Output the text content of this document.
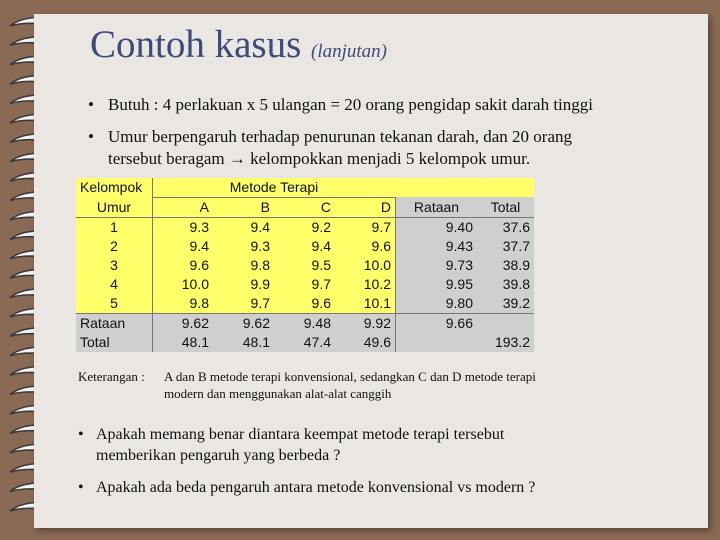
Contoh kasus (lanjutan)
• Butuh : 4 perlakuan x 5 ulangan = 20 orang pengidap sakit darah tinggi
• Umur berpengaruh terhadap penurunan tekanan darah, dan 20 orang
tersebut beragam → kelompokkan menjadi 5 kelompok umur.
Kelompok	Metode Terapi					
Umur	A	B	C	D	Rataan	Total
1	9.3	9.4	9.2	9.7	9.40	37.6
2	9.4	9.3	9.4	9.6	9.43	37.7
3	9.6	9.8	9.5	10.0	9.73	38.9
4	10.0	9.9	9.7	10.2	9.95	39.8
5	9.8	9.7	9.6	10.1	9.80	39.2
Rataan	9.62	9.62	9.48	9.92	9.66	
Total	48.1	48.1	47.4	49.6		193.2
Keterangan : A dan B metode terapi konvensional, sedangkan C dan D metode terapi
modern dan menggunakan alat-alat canggih
• Apakah memang benar diantara keempat metode terapi tersebut
memberikan pengaruh yang berbeda ?
• Apakah ada beda pengaruh antara metode konvensional vs modern ?
